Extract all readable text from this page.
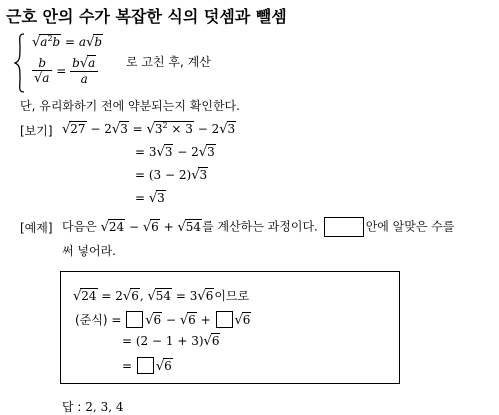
근호 안의 수가 복잡한 식의 덧셈과 뺄셈
$√a^2b = a√b$
$\frac{b}{√a} = \frac{b√a}{a}$ 로 고친 후, 계산
단, 유리화하기 전에 약분되는지 확인한다.
[보기] $√27 - 2√3 = √3^2 \times 3 - 2√3$
= 3√3 − 2√3
= (3 − 2)√3
= √3
[예제] 다음은 √24 − √6 + √54를 계산하는 과정이다.	안에 알맞은 수를
써 넣어라.
√24 = 2√6, √54 = 3√6이므로
(준식) = √6 − √6 + √6
= (2 − 1 + 3)√6
= √6
답 : 2, 3, 4
